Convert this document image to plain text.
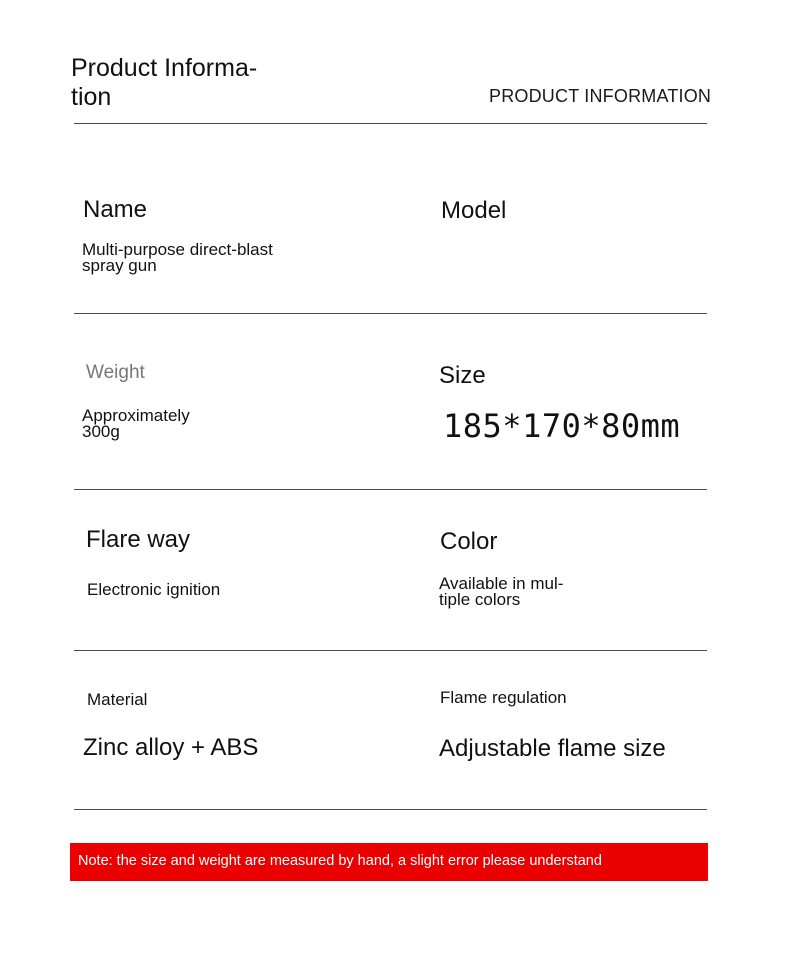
Product Informa-
tion	PRODUCT INFORMATION
Name
Multi-purpose direct-blast
spray gun
Model
Weight
Approximately
300g
Size
185*170*80mm
Flare way
Electronic ignition
Color
Available in mul-
tiple colors
Material
Zinc alloy + ABS
Flame regulation
Adjustable flame size
Note: the size and weight are measured by hand, a slight error please understand
